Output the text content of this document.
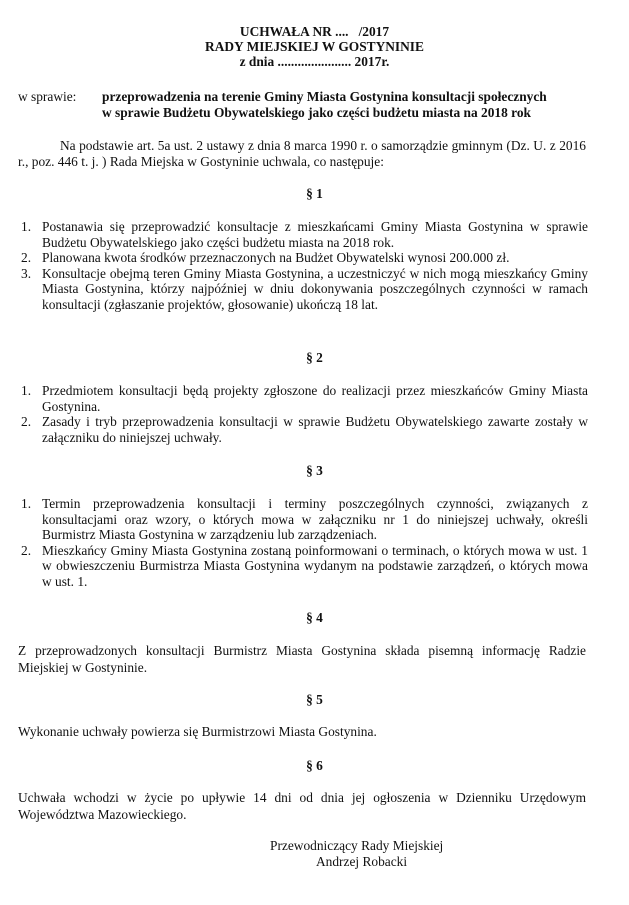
UCHWAŁA NR ....   /2017
RADY MIEJSKIEJ W GOSTYNINIE
z dnia ...................... 2017r.
w sprawie: przeprowadzenia na terenie Gminy Miasta Gostynina konsultacji społecznych
w sprawie Budżetu Obywatelskiego jako części budżetu miasta na 2018 rok
Na podstawie art. 5a ust. 2 ustawy z dnia 8 marca 1990 r. o samorządzie gminnym (Dz. U. z 2016 r., poz. 446 t. j. ) Rada Miejska w Gostyninie uchwala, co następuje:
§ 1
1. Postanawia się przeprowadzić konsultacje z mieszkańcami Gminy Miasta Gostynina w sprawie Budżetu Obywatelskiego jako części budżetu miasta na 2018 rok.
2. Planowana kwota środków przeznaczonych na Budżet Obywatelski wynosi 200.000 zł.
3. Konsultacje obejmą teren Gminy Miasta Gostynina, a uczestniczyć w nich mogą mieszkańcy Gminy Miasta Gostynina, którzy najpóźniej w dniu dokonywania poszczególnych czynności w ramach konsultacji (zgłaszanie projektów, głosowanie) ukończą 18 lat.
§ 2
1. Przedmiotem konsultacji będą projekty zgłoszone do realizacji przez mieszkańców Gminy Miasta Gostynina.
2. Zasady i tryb przeprowadzenia konsultacji w sprawie Budżetu Obywatelskiego zawarte zostały w załączniku do niniejszej uchwały.
§ 3
1. Termin przeprowadzenia konsultacji i terminy poszczególnych czynności, związanych z konsultacjami oraz wzory, o których mowa w załączniku nr 1 do niniejszej uchwały, określi Burmistrz Miasta Gostynina w zarządzeniu lub zarządzeniach.
2. Mieszkańcy Gminy Miasta Gostynina zostaną poinformowani o terminach, o których mowa w ust. 1 w obwieszczeniu Burmistrza Miasta Gostynina wydanym na podstawie zarządzeń, o których mowa w ust. 1.
§ 4
Z przeprowadzonych konsultacji Burmistrz Miasta Gostynina składa pisemną informację Radzie Miejskiej w Gostyninie.
§ 5
Wykonanie uchwały powierza się Burmistrzowi Miasta Gostynina.
§ 6
Uchwała wchodzi w życie po upływie 14 dni od dnia jej ogłoszenia w Dzienniku Urzędowym Województwa Mazowieckiego.
Przewodniczący Rady Miejskiej
Andrzej Robacki
